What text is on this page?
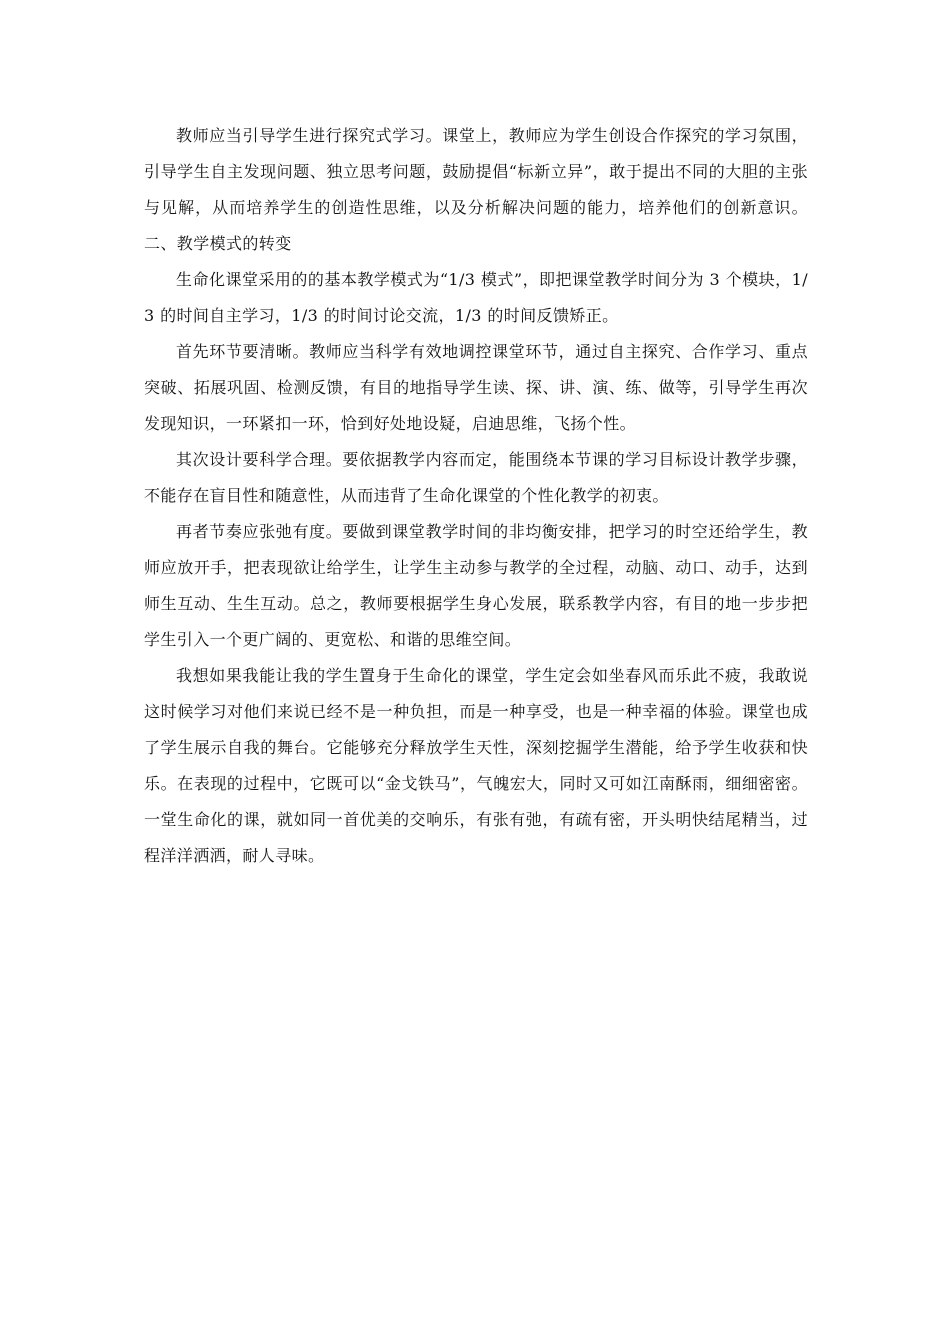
教师应当引导学生进行探究式学习。课堂上，教师应为学生创设合作探究的学习氛围，引导学生自主发现问题、独立思考问题，鼓励提倡“标新立异”，敢于提出不同的大胆的主张与见解，从而培养学生的创造性思维，以及分析解决问题的能力，培养他们的创新意识。二、教学模式的转变

生命化课堂采用的的基本教学模式为“1/3 模式”，即把课堂教学时间分为 3 个模块，1/3 的时间自主学习，1/3 的时间讨论交流，1/3 的时间反馈矫正。

首先环节要清晰。教师应当科学有效地调控课堂环节，通过自主探究、合作学习、重点突破、拓展巩固、检测反馈，有目的地指导学生读、探、讲、演、练、做等，引导学生再次发现知识，一环紧扣一环，恰到好处地设疑，启迪思维，飞扬个性。

其次设计要科学合理。要依据教学内容而定，能围绕本节课的学习目标设计教学步骤，不能存在盲目性和随意性，从而违背了生命化课堂的个性化教学的初衷。

再者节奏应张弛有度。要做到课堂教学时间的非均衡安排，把学习的时空还给学生，教师应放开手，把表现欲让给学生，让学生主动参与教学的全过程，动脑、动口、动手，达到师生互动、生生互动。总之，教师要根据学生身心发展，联系教学内容，有目的地一步步把学生引入一个更广阔的、更宽松、和谐的思维空间。

我想如果我能让我的学生置身于生命化的课堂，学生定会如坐春风而乐此不疲，我敢说这时候学习对他们来说已经不是一种负担，而是一种享受，也是一种幸福的体验。课堂也成了学生展示自我的舞台。它能够充分释放学生天性，深刻挖掘学生潜能，给予学生收获和快乐。在表现的过程中，它既可以“金戈铁马”，气魄宏大，同时又可如江南酥雨，细细密密。一堂生命化的课，就如同一首优美的交响乐，有张有弛，有疏有密，开头明快结尾精当，过程洋洋洒洒，耐人寻味。
